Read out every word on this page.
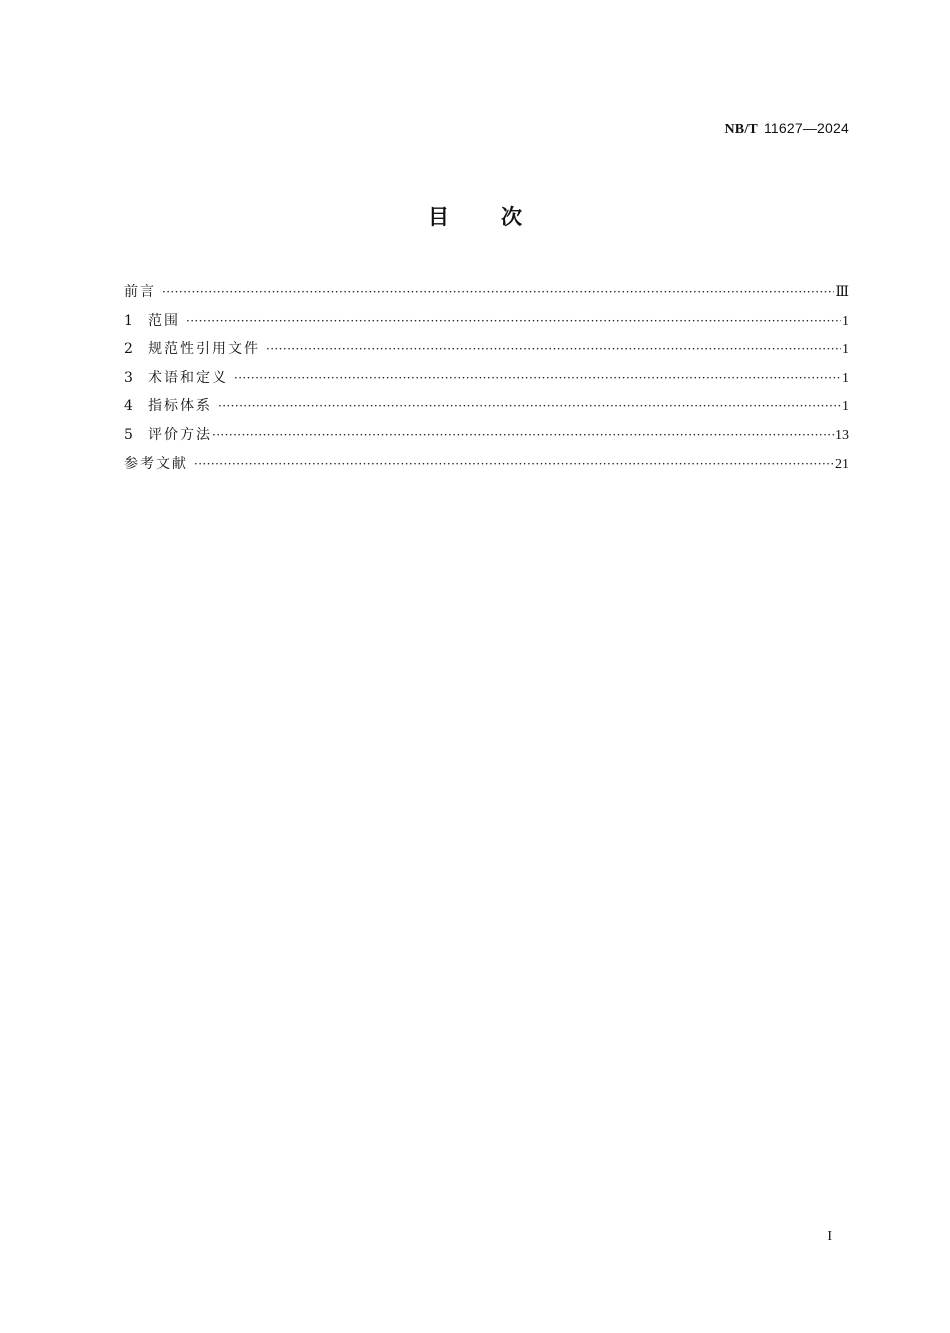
NB/T 11627—2024
目次
前言 ·····	Ⅲ
1	范围 ·····	1
2	规范性引用文件 ·····	1
3	术语和定义 ·····	1
4	指标体系 ·····	1
5	评价方法 ·····	13
参考文献 ·····	21
I
